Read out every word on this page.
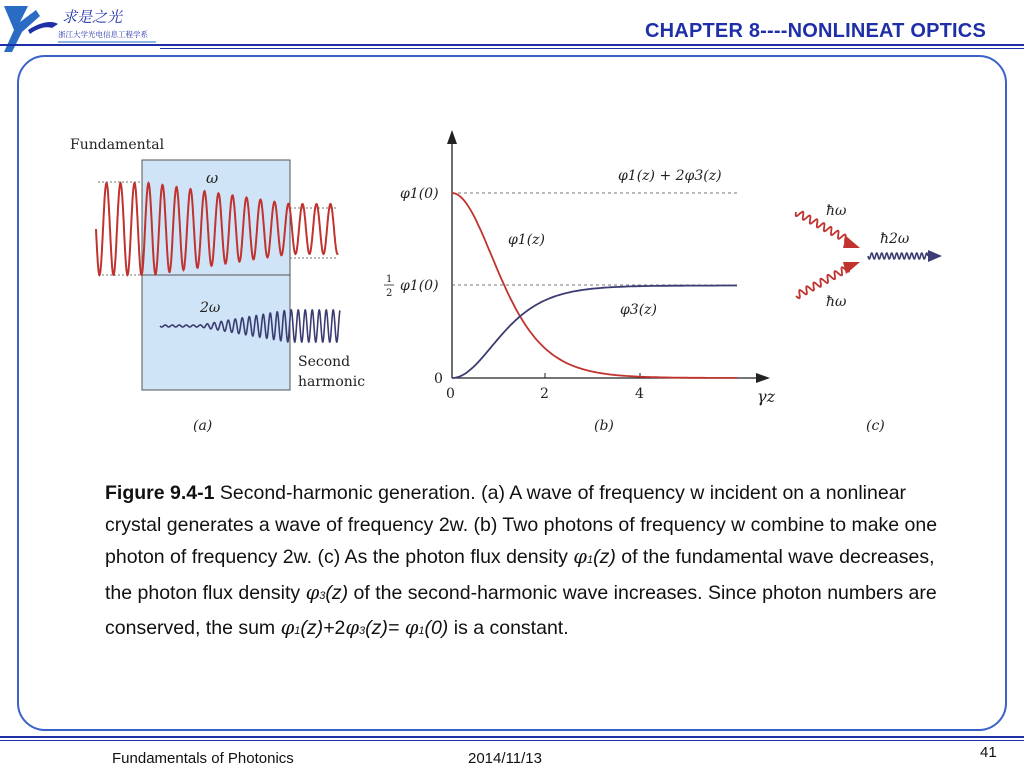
求是之光
浙江大学光电信息工程学系	CHAPTER 8----NONLINEAT OPTICS
Fundamental
ω
2ω
Second
harmonic
(a)
φ1(0)
1
2 φ1(0)
0
0	2	4	γz
φ1(z) + 2φ3(z)
φ1(z)
φ3(z)
(b)
ħω
ħ2ω
ħω
(c)
Figure 9.4-1 Second-harmonic generation. (a) A wave of frequency w incident on a nonlinear crystal generates a wave of frequency 2w. (b) Two photons of frequency w combine to make one photon of frequency 2w. (c) As the photon flux density φ1(z) of the fundamental wave decreases, the photon flux density φ3(z) of the second-harmonic wave increases. Since photon numbers are conserved, the sum φ1(z)+2φ3(z)= φ1(0) is a constant.
Fundamentals of Photonics	2014/11/13	41
